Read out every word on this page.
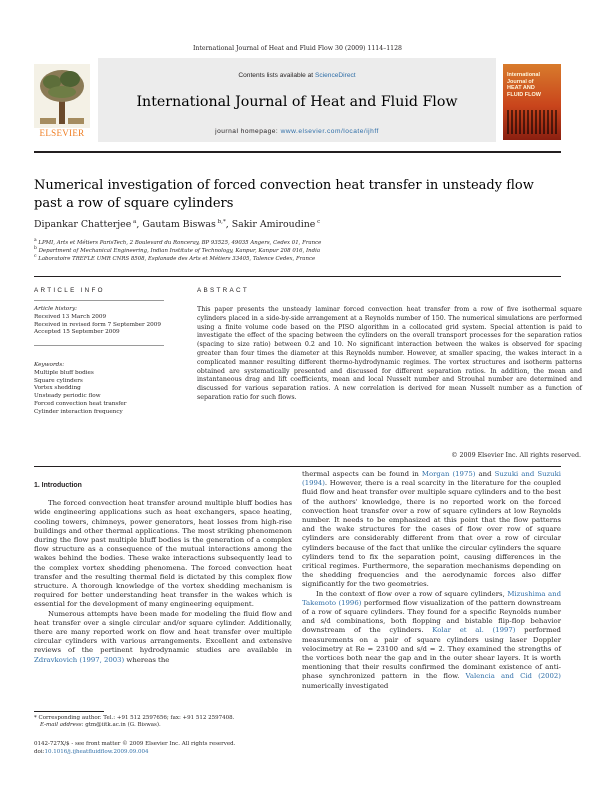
International Journal of Heat and Fluid Flow 30 (2009) 1114–1128
ELSEVIER
Contents lists available at ScienceDirect
International Journal of Heat and Fluid Flow
journal homepage: www.elsevier.com/locate/ijhff
International Journal of
HEAT AND
FLUID FLOW
Numerical investigation of forced convection heat transfer in unsteady flow past a row of square cylinders
Dipankar Chatterjee $^a$, Gautam Biswas $^{b,*}$, Sakir Amiroudine $^c$
$^a$ LPMI, Arts et Métiers ParisTech, 2 Boulevard du Ronceray, BP 93525, 49035 Angers, Cedex 01, France
$^b$ Department of Mechanical Engineering, Indian Institute of Technology, Kanpur, Kanpur 208 016, India
$^c$ Laboratoire TREFLE UMR CNRS 8508, Esplanade des Arts et Métiers 33405, Talence Cedex, France
ARTICLE INFO	ABSTRACT
Article history:
Received 13 March 2009
Received in revised form 7 September 2009
Accepted 15 September 2009
Keywords:
Multiple bluff bodies
Square cylinders
Vortex shedding
Unsteady periodic flow
Forced convection heat transfer
Cylinder interaction frequency
This paper presents the unsteady laminar forced convection heat transfer from a row of five isothermal square cylinders placed in a side-by-side arrangement at a Reynolds number of 150. The numerical simulations are performed using a finite volume code based on the PISO algorithm in a collocated grid system. Special attention is paid to investigate the effect of the spacing between the cylinders on the overall transport processes for the separation ratios (spacing to size ratio) between 0.2 and 10. No significant interaction between the wakes is observed for spacing greater than four times the diameter at this Reynolds number. However, at smaller spacing, the wakes interact in a complicated manner resulting different thermo-hydrodynamic regimes. The vortex structures and isotherm patterns obtained are systematically presented and discussed for different separation ratios. In addition, the mean and instantaneous drag and lift coefficients, mean and local Nusselt number and Strouhal number are determined and discussed for various separation ratios. A new correlation is derived for mean Nusselt number as a function of separation ratio for such flows.
© 2009 Elsevier Inc. All rights reserved.

1. Introduction

The forced convection heat transfer around multiple bluff bodies has wide engineering applications such as heat exchangers, space heating, cooling towers, chimneys, power generators, heat losses from high-rise buildings and other thermal applications. The most striking phenomenon during the flow past multiple bluff bodies is the generation of a complex flow structure as a consequence of the mutual interactions among the wakes behind the bodies. These wake interactions subsequently lead to the complex vortex shedding phenomena. The forced convection heat transfer and the resulting thermal field is dictated by this complex flow structure. A thorough knowledge of the vortex shedding mechanism is required for better understanding heat transfer in the wakes which is essential for the development of many engineering equipment.

Numerous attempts have been made for modeling the fluid flow and heat transfer over a single circular and/or square cylinder. Additionally, there are many reported work on flow and heat transfer over multiple circular cylinders with various arrangements. Excellent and extensive reviews of the pertinent hydrodynamic studies are available in Zdravkovich (1997, 2003) whereas the

thermal aspects can be found in Morgan (1975) and Suzuki and Suzuki (1994). However, there is a real scarcity in the literature for the coupled fluid flow and heat transfer over multiple square cylinders and to the best of the authors' knowledge, there is no reported work on the forced convection heat transfer over a row of square cylinders at low Reynolds number. It needs to be emphasized at this point that the flow patterns and the wake structures for the cases of flow over row of square cylinders are considerably different from that over a row of circular cylinders because of the fact that unlike the circular cylinders the square cylinders tend to fix the separation point, causing differences in the critical regimes. Furthermore, the separation mechanisms depending on the shedding frequencies and the aerodynamic forces also differ significantly for the two geometries.

In the context of flow over a row of square cylinders, Mizushima and Takemoto (1996) performed flow visualization of the pattern downstream of a row of square cylinders. They found for a specific Reynolds number and s/d combinations, both flopping and bistable flip-flop behavior downstream of the cylinders. Kolar et al. (1997) performed measurements on a pair of square cylinders using laser Doppler velocimetry at Re = 23100 and s/d = 2. They examined the strengths of the vortices both near the gap and in the outer shear layers. It is worth mentioning that their results confirmed the dominant existence of anti-phase synchronized pattern in the flow. Valencia and Cid (2002) numerically investigated

* Corresponding author. Tel.: +91 512 2597656; fax: +91 512 2597408.
E-mail address: gtm@iitk.ac.in (G. Biswas).
0142-727X/$ - see front matter © 2009 Elsevier Inc. All rights reserved.
doi:10.1016/j.ijheatfluidflow.2009.09.004
